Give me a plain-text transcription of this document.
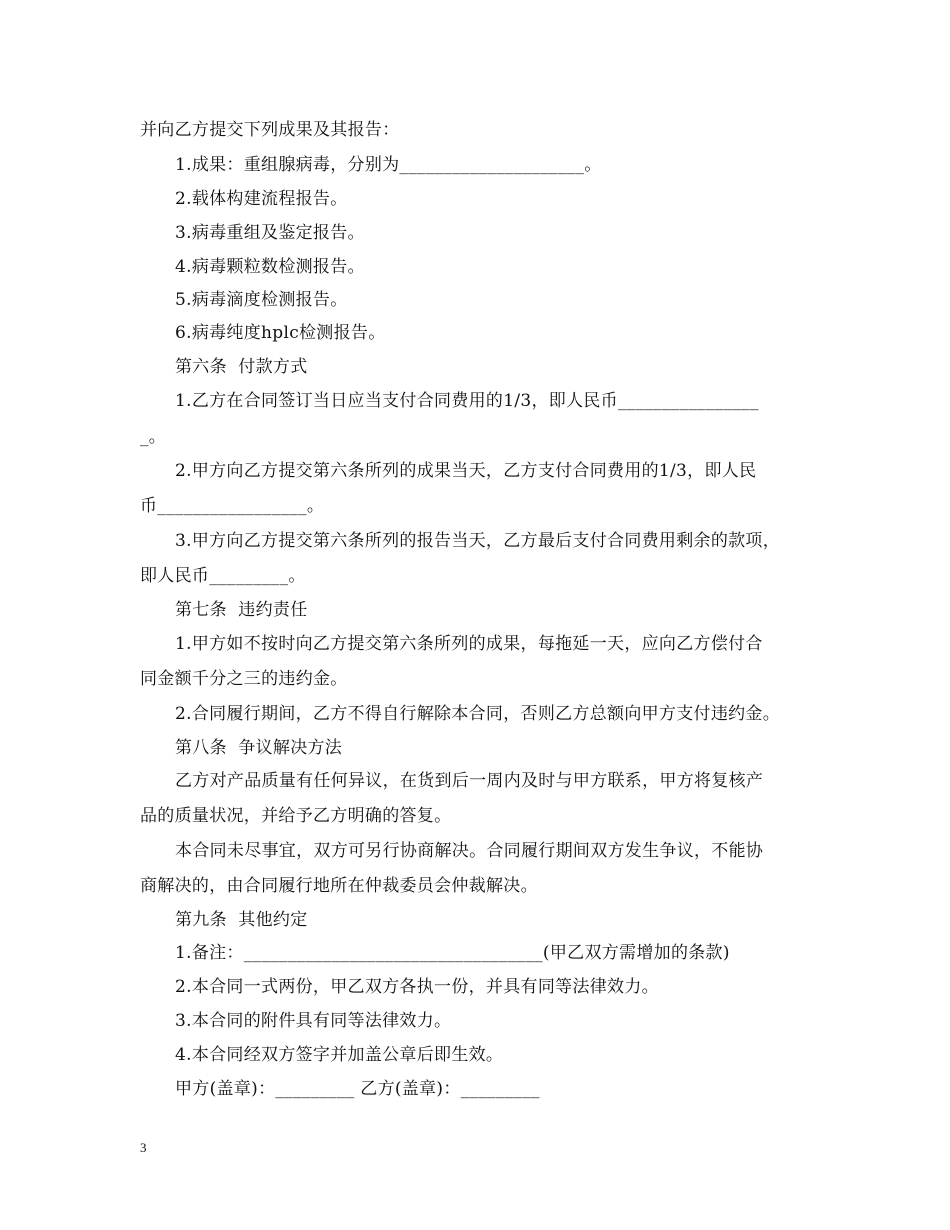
并向乙方提交下列成果及其报告：
1.成果：重组腺病毒，分别为_____________________。
2.载体构建流程报告。
3.病毒重组及鉴定报告。
4.病毒颗粒数检测报告。
5.病毒滴度检测报告。
6.病毒纯度hplc检测报告。
第六条  付款方式
1.乙方在合同签订当日应当支付合同费用的1/3，即人民币________________
_。
2.甲方向乙方提交第六条所列的成果当天，乙方支付合同费用的1/3，即人民
币_________________。
3.甲方向乙方提交第六条所列的报告当天，乙方最后支付合同费用剩余的款项，
即人民币_________。
第七条  违约责任
1.甲方如不按时向乙方提交第六条所列的成果，每拖延一天，应向乙方偿付合
同金额千分之三的违约金。
2.合同履行期间，乙方不得自行解除本合同，否则乙方总额向甲方支付违约金。
第八条  争议解决方法
乙方对产品质量有任何异议，在货到后一周内及时与甲方联系，甲方将复核产
品的质量状况，并给予乙方明确的答复。
本合同未尽事宜，双方可另行协商解决。合同履行期间双方发生争议，不能协
商解决的，由合同履行地所在仲裁委员会仲裁解决。
第九条  其他约定
1.备注：__________________________________(甲乙双方需增加的条款)
2.本合同一式两份，甲乙双方各执一份，并具有同等法律效力。
3.本合同的附件具有同等法律效力。
4.本合同经双方签字并加盖公章后即生效。
甲方(盖章)：_________ 乙方(盖章)：_________
3
